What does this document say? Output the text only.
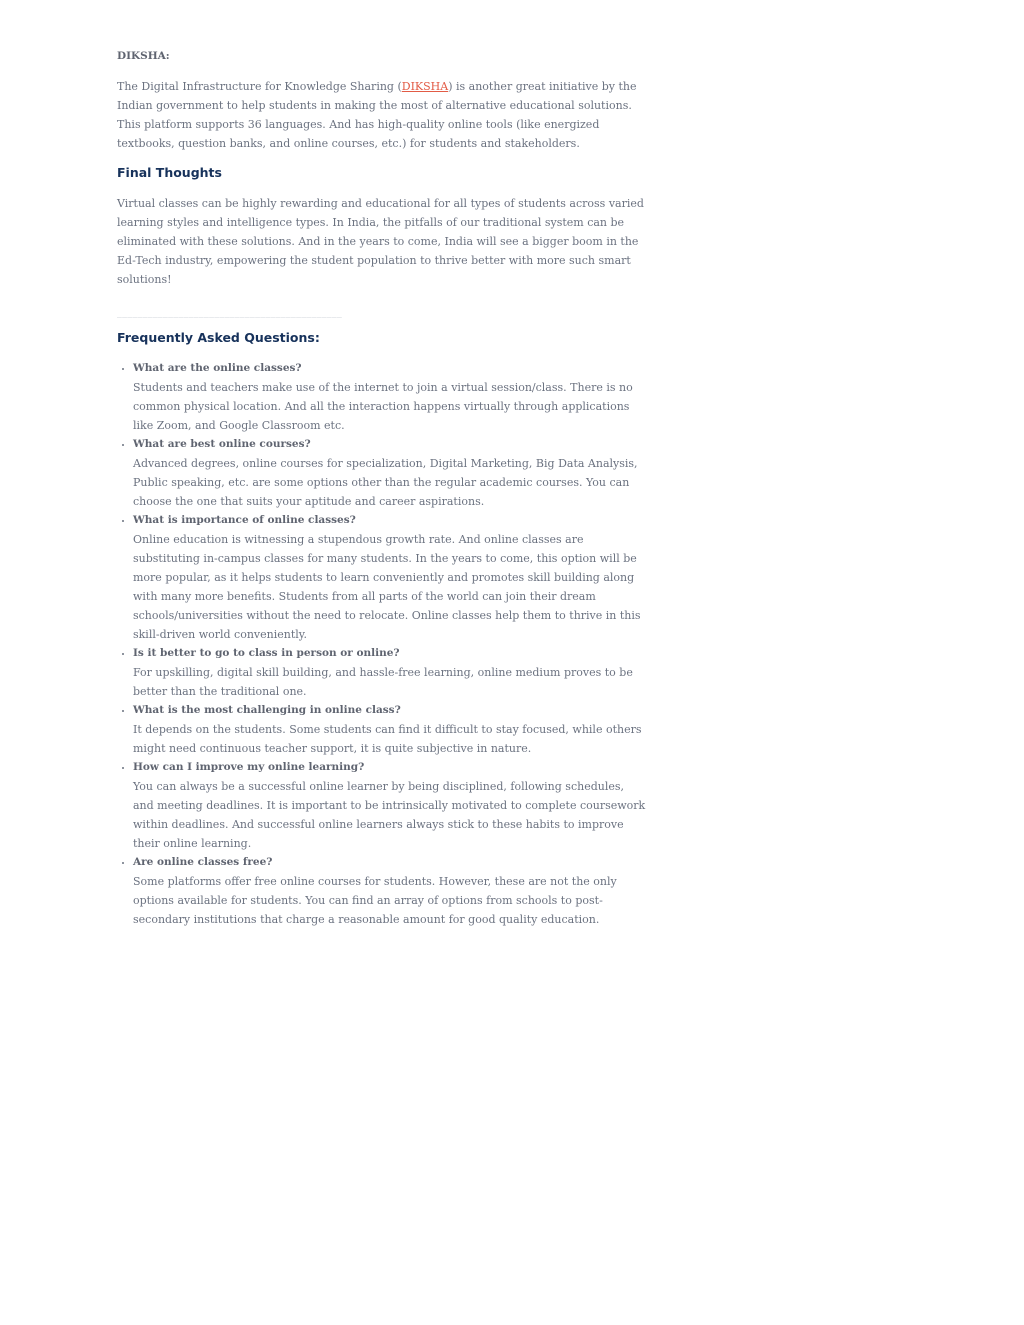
DIKSHA:

The Digital Infrastructure for Knowledge Sharing (DIKSHA) is another great initiative by the Indian government to help students in making the most of alternative educational solutions. This platform supports 36 languages. And has high-quality online tools (like energized textbooks, question banks, and online courses, etc.) for students and stakeholders.

Final Thoughts

Virtual classes can be highly rewarding and educational for all types of students across varied learning styles and intelligence types. In India, the pitfalls of our traditional system can be eliminated with these solutions. And in the years to come, India will see a bigger boom in the Ed-Tech industry, empowering the student population to thrive better with more such smart solutions!

____________________________________________
Frequently Asked Questions:
• What are the online classes?
Students and teachers make use of the internet to join a virtual session/class. There is no common physical location. And all the interaction happens virtually through applications like Zoom, and Google Classroom etc.
• What are best online courses?
Advanced degrees, online courses for specialization, Digital Marketing, Big Data Analysis, Public speaking, etc. are some options other than the regular academic courses. You can choose the one that suits your aptitude and career aspirations.
• What is importance of online classes?
Online education is witnessing a stupendous growth rate. And online classes are substituting in-campus classes for many students. In the years to come, this option will be more popular, as it helps students to learn conveniently and promotes skill building along with many more benefits. Students from all parts of the world can join their dream schools/universities without the need to relocate. Online classes help them to thrive in this skill-driven world conveniently.
• Is it better to go to class in person or online?
For upskilling, digital skill building, and hassle-free learning, online medium proves to be better than the traditional one.
• What is the most challenging in online class?
It depends on the students. Some students can find it difficult to stay focused, while others might need continuous teacher support, it is quite subjective in nature.
• How can I improve my online learning?
You can always be a successful online learner by being disciplined, following schedules, and meeting deadlines. It is important to be intrinsically motivated to complete coursework within deadlines. And successful online learners always stick to these habits to improve their online learning.
• Are online classes free?
Some platforms offer free online courses for students. However, these are not the only options available for students. You can find an array of options from schools to post-secondary institutions that charge a reasonable amount for good quality education.
